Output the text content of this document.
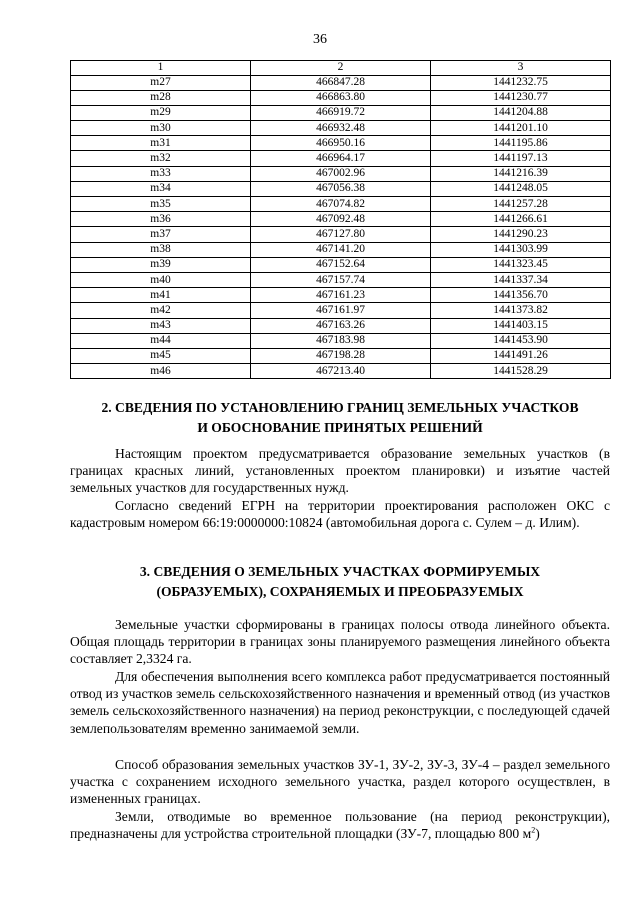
36
1	2	3
m27	466847.28	1441232.75
m28	466863.80	1441230.77
m29	466919.72	1441204.88
m30	466932.48	1441201.10
m31	466950.16	1441195.86
m32	466964.17	1441197.13
m33	467002.96	1441216.39
m34	467056.38	1441248.05
m35	467074.82	1441257.28
m36	467092.48	1441266.61
m37	467127.80	1441290.23
m38	467141.20	1441303.99
m39	467152.64	1441323.45
m40	467157.74	1441337.34
m41	467161.23	1441356.70
m42	467161.97	1441373.82
m43	467163.26	1441403.15
m44	467183.98	1441453.90
m45	467198.28	1441491.26
m46	467213.40	1441528.29
2. СВЕДЕНИЯ ПО УСТАНОВЛЕНИЮ ГРАНИЦ ЗЕМЕЛЬНЫХ УЧАСТКОВ
И ОБОСНОВАНИЕ ПРИНЯТЫХ РЕШЕНИЙ

Настоящим проектом предусматривается образование земельных участков (в границах красных линий, установленных проектом планировки) и изъятие частей земельных участков для государственных нужд.

Согласно сведений ЕГРН на территории проектирования расположен ОКС с кадастровым номером 66:19:0000000:10824 (автомобильная дорога с. Сулем – д. Илим).

3. СВЕДЕНИЯ О ЗЕМЕЛЬНЫХ УЧАСТКАХ ФОРМИРУЕМЫХ
(ОБРАЗУЕМЫХ), СОХРАНЯЕМЫХ И ПРЕОБРАЗУЕМЫХ

Земельные участки сформированы в границах полосы отвода линейного объекта. Общая площадь территории в границах зоны планируемого размещения линейного объекта составляет 2,3324 га.

Для обеспечения выполнения всего комплекса работ предусматривается постоянный отвод из участков земель сельскохозяйственного назначения и временный отвод (из участков земель сельскохозяйственного назначения) на период реконструкции, с последующей сдачей землепользователям временно занимаемой земли.

Способ образования земельных участков ЗУ-1, ЗУ-2, ЗУ-3, ЗУ-4 – раздел земельного участка с сохранением исходного земельного участка, раздел которого осуществлен, в измененных границах.

Земли, отводимые во временное пользование (на период реконструкции), предназначены для устройства строительной площадки (ЗУ-7, площадью 800 $м^2$)
